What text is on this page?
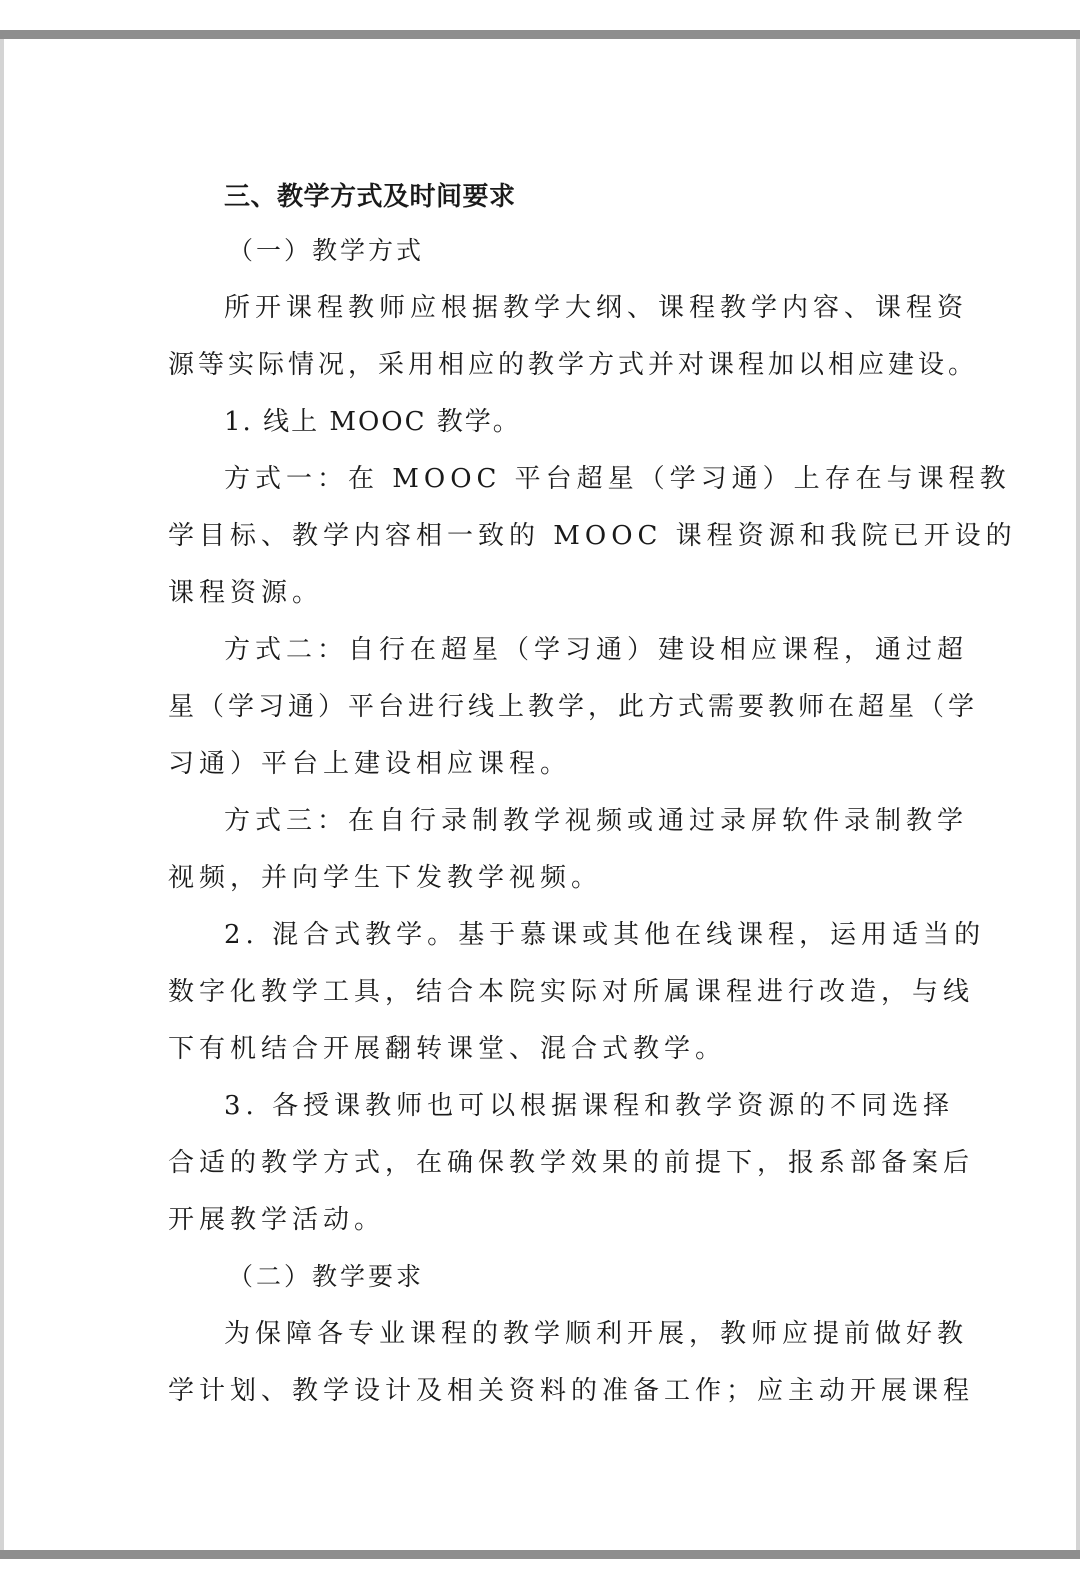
三、教学方式及时间要求
（一）教学方式
所开课程教师应根据教学大纲、课程教学内容、课程资
源等实际情况，采用相应的教学方式并对课程加以相应建设。
1. 线上 MOOC 教学。
方式一：在 MOOC 平台超星（学习通）上存在与课程教
学目标、教学内容相一致的 MOOC 课程资源和我院已开设的
课程资源。
方式二：自行在超星（学习通）建设相应课程，通过超
星（学习通）平台进行线上教学，此方式需要教师在超星（学
习通）平台上建设相应课程。
方式三：在自行录制教学视频或通过录屏软件录制教学
视频，并向学生下发教学视频。
2. 混合式教学。基于慕课或其他在线课程，运用适当的
数字化教学工具，结合本院实际对所属课程进行改造，与线
下有机结合开展翻转课堂、混合式教学。
3. 各授课教师也可以根据课程和教学资源的不同选择
合适的教学方式，在确保教学效果的前提下，报系部备案后
开展教学活动。
（二）教学要求
为保障各专业课程的教学顺利开展，教师应提前做好教
学计划、教学设计及相关资料的准备工作；应主动开展课程
